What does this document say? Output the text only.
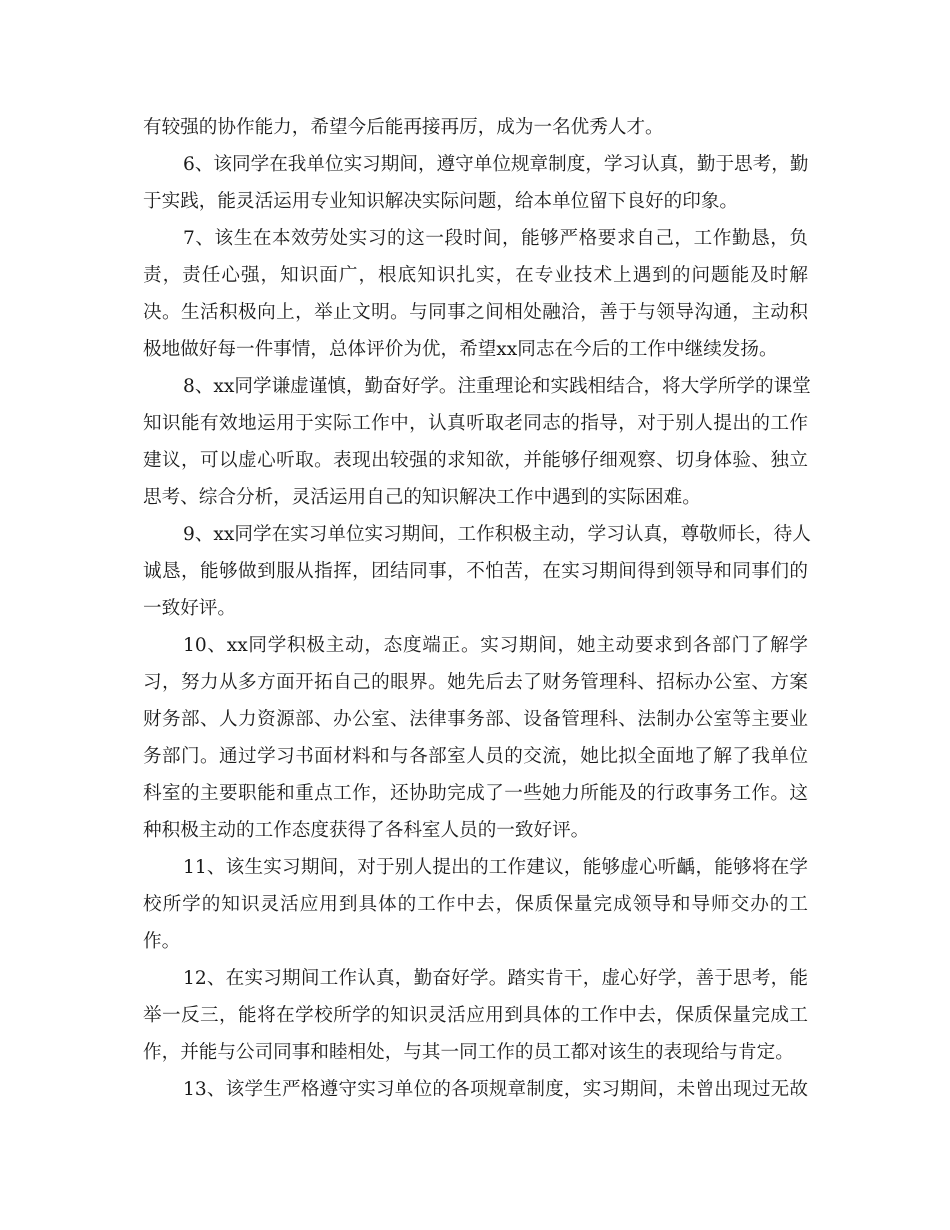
有较强的协作能力，希望今后能再接再厉，成为一名优秀人才。
6、该同学在我单位实习期间，遵守单位规章制度，学习认真，勤于思考，勤
于实践，能灵活运用专业知识解决实际问题，给本单位留下良好的印象。
7、该生在本效劳处实习的这一段时间，能够严格要求自己，工作勤恳，负
责，责任心强，知识面广，根底知识扎实，在专业技术上遇到的问题能及时解
决。生活积极向上，举止文明。与同事之间相处融洽，善于与领导沟通，主动积
极地做好每一件事情，总体评价为优，希望xx同志在今后的工作中继续发扬。
8、xx同学谦虚谨慎，勤奋好学。注重理论和实践相结合，将大学所学的课堂
知识能有效地运用于实际工作中，认真听取老同志的指导，对于别人提出的工作
建议，可以虚心听取。表现出较强的求知欲，并能够仔细观察、切身体验、独立
思考、综合分析，灵活运用自己的知识解决工作中遇到的实际困难。
9、xx同学在实习单位实习期间，工作积极主动，学习认真，尊敬师长，待人
诚恳，能够做到服从指挥，团结同事，不怕苦，在实习期间得到领导和同事们的
一致好评。
10、xx同学积极主动，态度端正。实习期间，她主动要求到各部门了解学
习，努力从多方面开拓自己的眼界。她先后去了财务管理科、招标办公室、方案
财务部、人力资源部、办公室、法律事务部、设备管理科、法制办公室等主要业
务部门。通过学习书面材料和与各部室人员的交流，她比拟全面地了解了我单位
科室的主要职能和重点工作，还协助完成了一些她力所能及的行政事务工作。这
种积极主动的工作态度获得了各科室人员的一致好评。
11、该生实习期间，对于别人提出的工作建议，能够虚心听齲，能够将在学
校所学的知识灵活应用到具体的工作中去，保质保量完成领导和导师交办的工
作。
12、在实习期间工作认真，勤奋好学。踏实肯干，虚心好学，善于思考，能
举一反三，能将在学校所学的知识灵活应用到具体的工作中去，保质保量完成工
作，并能与公司同事和睦相处，与其一同工作的员工都对该生的表现给与肯定。
13、该学生严格遵守实习单位的各项规章制度，实习期间，未曾出现过无故
